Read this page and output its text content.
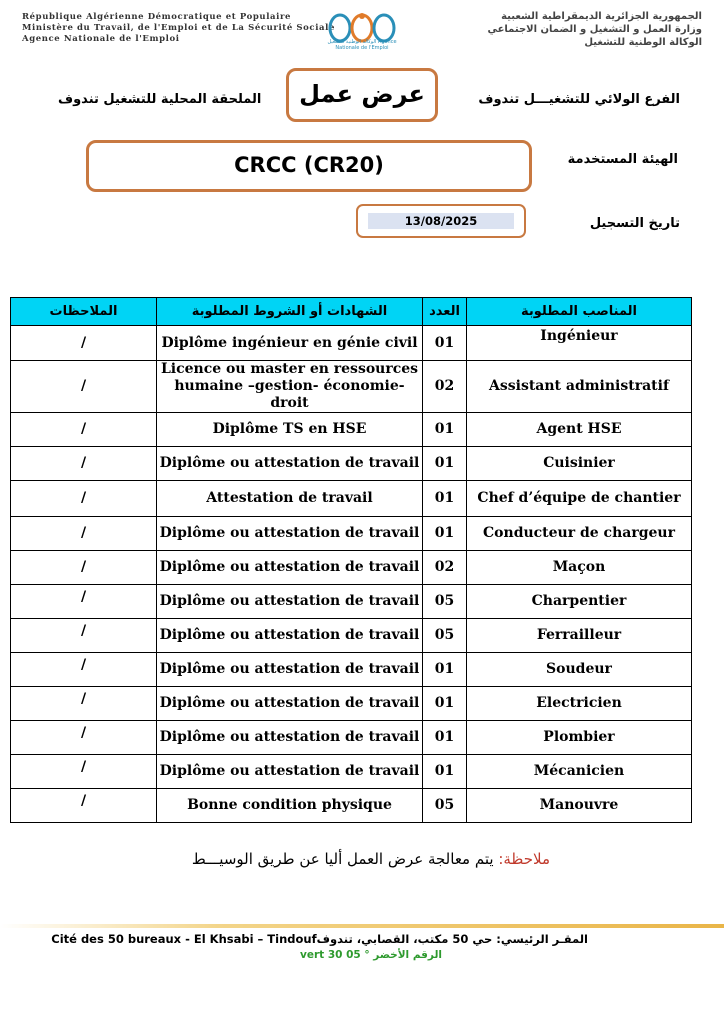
République Algérienne Démocratique et Populaire
Ministère du Travail, de l'Emploi et de La Sécurité Sociale
Agence Nationale de l'Emploi	الوكالة الوطنية للتشغيل Agence Nationale de l'Emploi
الجمهورية الجزائرية الديمقراطية الشعبية
وزارة العمل و التشغيل و الضمان الاجتماعي
الوكالة الوطنية للتشغيل
عرض عمل
الملحقة المحلية للتشغيل تندوف	الفرع الولائي للتشغيـــل تندوف
CRCC (CR20)	الهيئة المستخدمة
13/08/2025	تاريخ التسجيل
الملاحظات	الشهادات أو الشروط المطلوبة	العدد	المناصب المطلوبة
/	Diplôme ingénieur en génie civil	01	Ingénieur
/	Licence ou master en ressources humaine –gestion- économie-droit	02	Assistant administratif
/	Diplôme TS en HSE	01	Agent HSE
/	Diplôme ou attestation de travail	01	Cuisinier
/	Attestation de travail	01	Chef d’équipe de chantier
/	Diplôme ou attestation de travail	01	Conducteur de chargeur
/	Diplôme ou attestation de travail	02	Maçon
/	Diplôme ou attestation de travail	05	Charpentier
/	Diplôme ou attestation de travail	05	Ferrailleur
/	Diplôme ou attestation de travail	01	Soudeur
/	Diplôme ou attestation de travail	01	Electricien
/	Diplôme ou attestation de travail	01	Plombier
/	Diplôme ou attestation de travail	01	Mécanicien
/	Bonne condition physique	05	Manouvre
ملاحظة: يتم معالجة عرض العمل أليا عن طريق الوسيـــط
Cité des 50 bureaux - El Khsabi – Tindoufالمقـر الرئيسي: حي 50 مكتب، القصابي، تندوف
vert 30 05 ° الرقم الأخضر
